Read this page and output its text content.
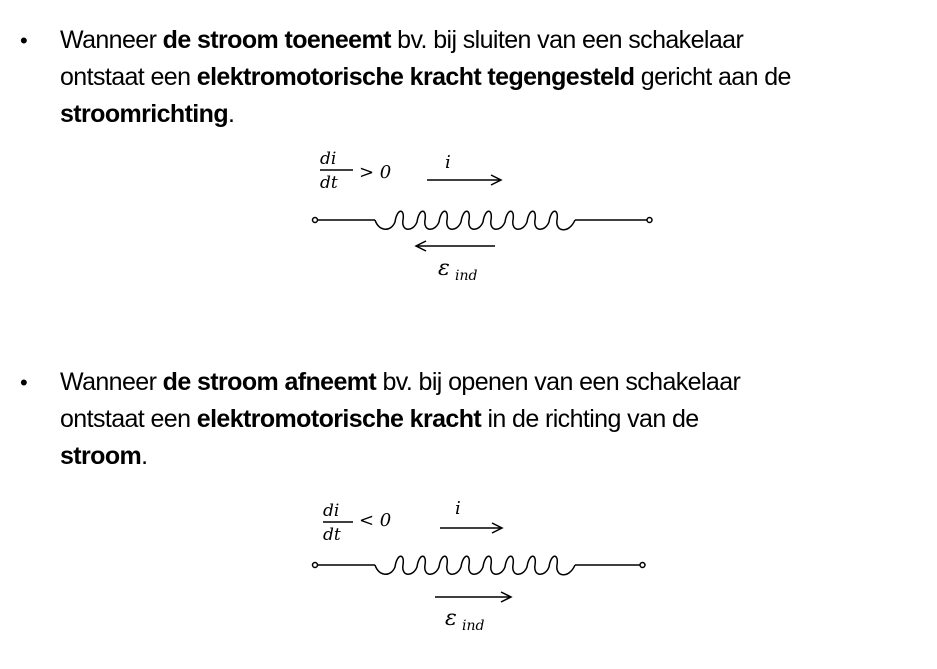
• Wanneer de stroom toeneemt bv. bij sluiten van een schakelaar
ontstaat een elektromotorische kracht tegengesteld gericht aan de
stroomrichting.
di
dt > 0	i
ε ind
• Wanneer de stroom afneemt bv. bij openen van een schakelaar
ontstaat een elektromotorische kracht in de richting van de
stroom.
di
dt
< 0
i
ε ind
